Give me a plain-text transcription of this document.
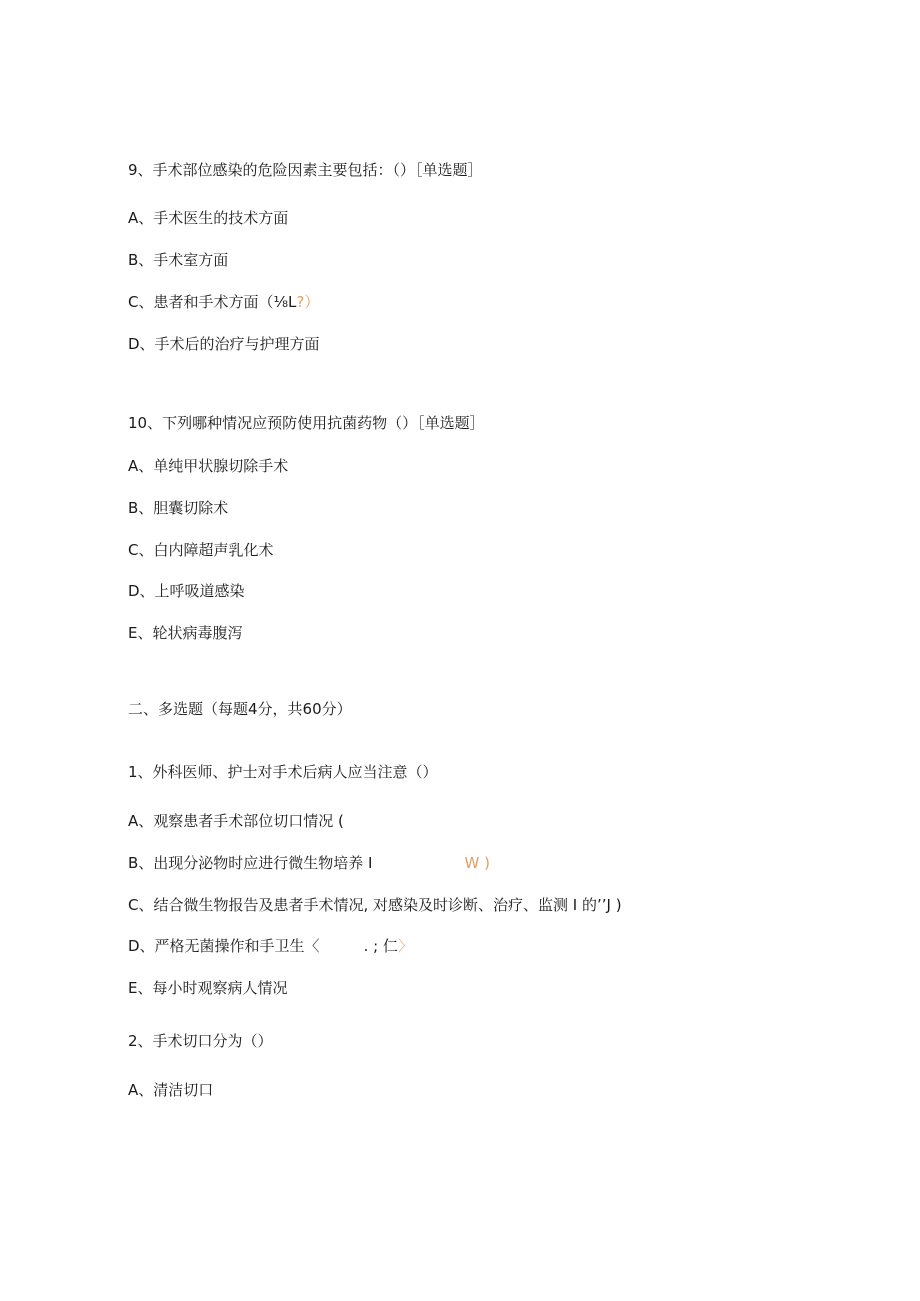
9、手术部位感染的危险因素主要包括：（）［单选题］
A、手术医生的技术方面
B、手术室方面
C、患者和手术方面（⅛L?）
D、手术后的治疗与护理方面
10、下列哪种情况应预防使用抗菌药物（）［单选题］
A、单纯甲状腺切除手术
B、胆囊切除术
C、白内障超声乳化术
D、上呼吸道感染
E、轮状病毒腹泻
二、多选题（每题4分，共60分）
1、外科医师、护士对手术后病人应当注意（）
A、观察患者手术部位切口情况 (
B、出现分泌物时应进行微生物培养 I	W )
C、结合微生物报告及患者手术情况, 对感染及时诊断、治疗、监测 I 的’’J )
D、严格无菌操作和手卫生〈	. ; 仁〉
E、每小时观察病人情况
2、手术切口分为（）
A、清洁切口
